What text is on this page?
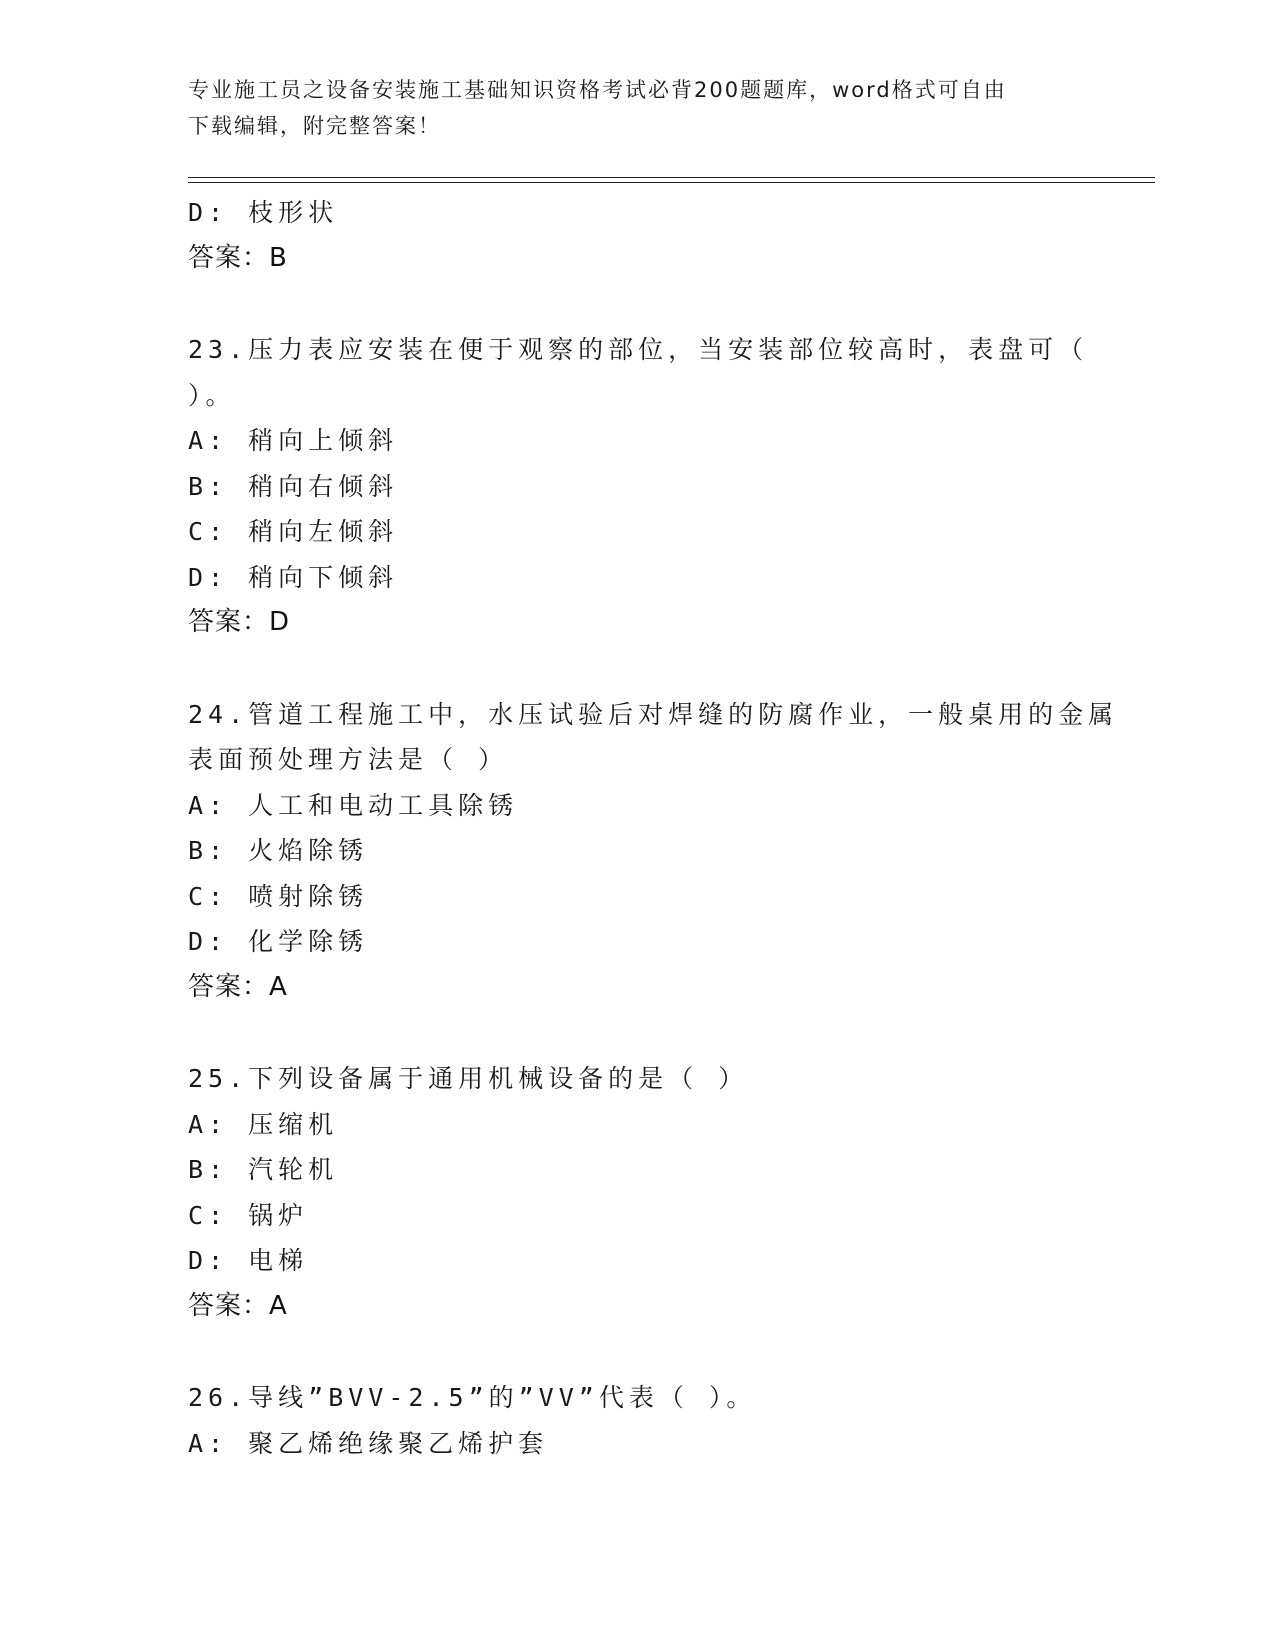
专业施工员之设备安装施工基础知识资格考试必背200题题库，word格式可自由
下载编辑，附完整答案！
D: 枝形状
答案：B
23.压力表应安装在便于观察的部位，当安装部位较高时，表盘可（
）。
A: 稍向上倾斜
B: 稍向右倾斜
C: 稍向左倾斜
D: 稍向下倾斜
答案：D
24.管道工程施工中，水压试验后对焊缝的防腐作业，一般桌用的金属
表面预处理方法是（ ）
A: 人工和电动工具除锈
B: 火焰除锈
C: 喷射除锈
D: 化学除锈
答案：A
25.下列设备属于通用机械设备的是（ ）
A: 压缩机
B: 汽轮机
C: 锅炉
D: 电梯
答案：A
26.导线”BVV-2.5”的”VV”代表（ ）。
A: 聚乙烯绝缘聚乙烯护套
